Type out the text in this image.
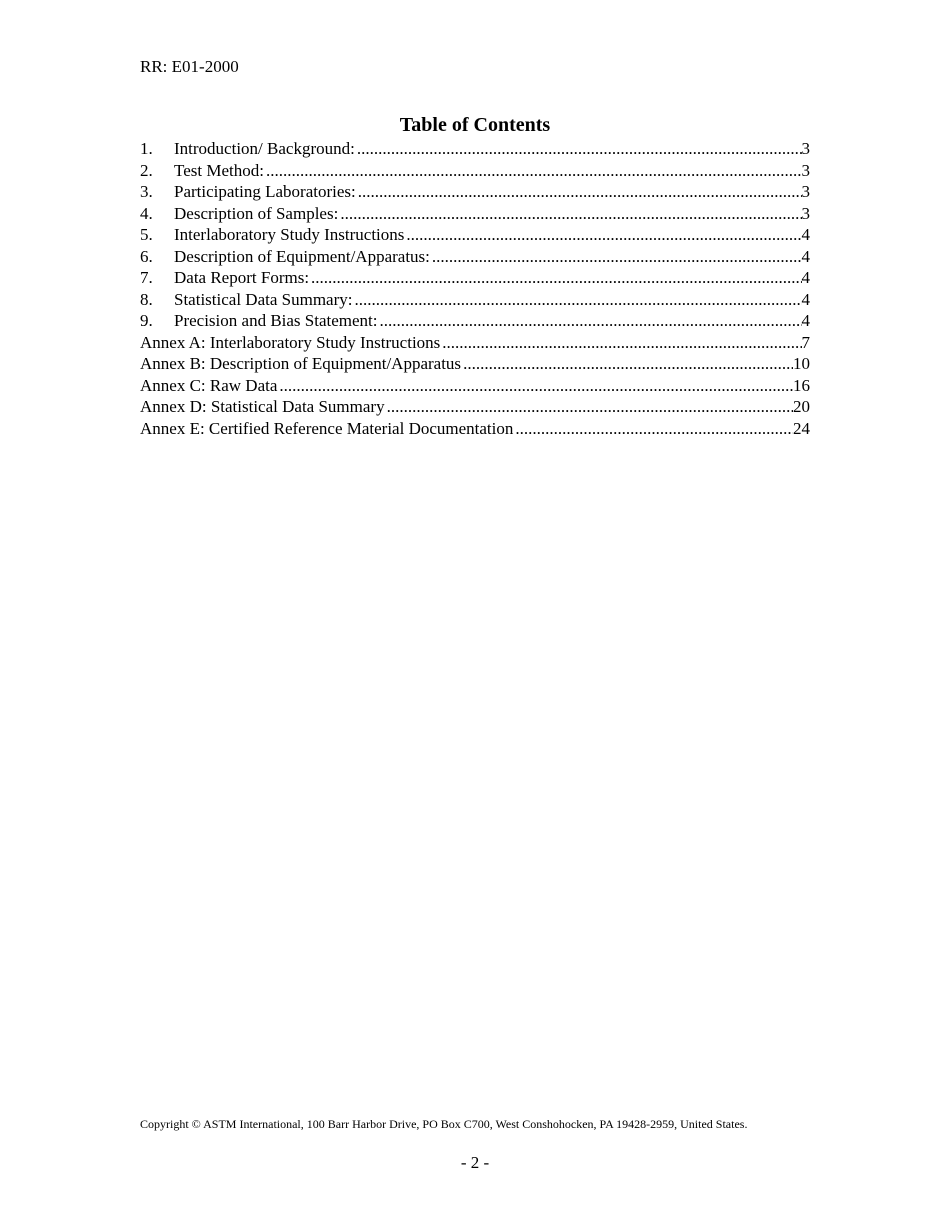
RR: E01-2000
Table of Contents
1.	Introduction/ Background: .....	3
2.	Test Method: .....	3
3.	Participating Laboratories: .....	3
4.	Description of Samples: .....	3
5.	Interlaboratory Study Instructions .....	4
6.	Description of Equipment/Apparatus: .....	4
7.	Data Report Forms: .....	4
8.	Statistical Data Summary: .....	4
9.	Precision and Bias Statement: .....	4
Annex A: Interlaboratory Study Instructions .....	7
Annex B: Description of Equipment/Apparatus .....	10
Annex C: Raw Data .....	16
Annex D: Statistical Data Summary .....	20
Annex E: Certified Reference Material Documentation .....	24
Copyright © ASTM International, 100 Barr Harbor Drive, PO Box C700, West Conshohocken, PA 19428-2959, United States.
- 2 -
